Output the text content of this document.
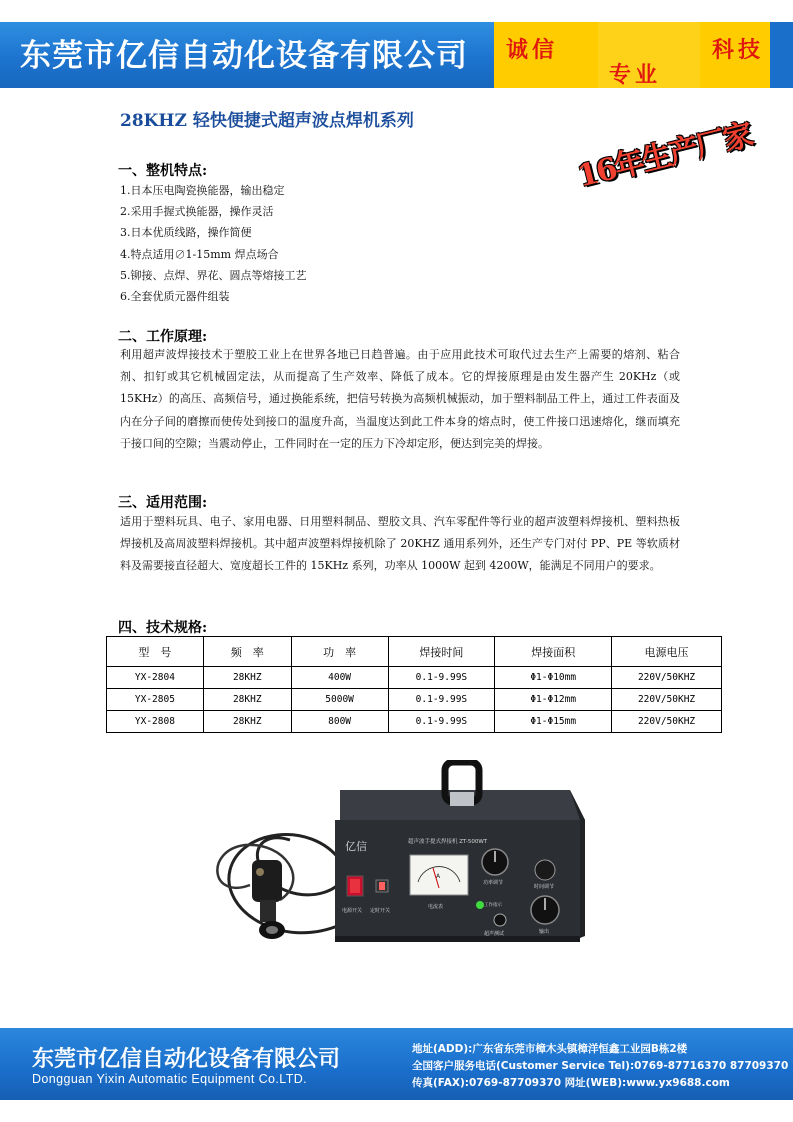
东莞市亿信自动化设备有限公司 诚信
专业
科技
28KHZ 轻快便捷式超声波点焊机系列	16年生产厂家
一、整机特点:
1.日本压电陶瓷换能器，输出稳定
2.采用手握式换能器，操作灵活
3.日本优质线路，操作简便
4.特点适用∅1-15mm 焊点场合
5.铆接、点焊、界花、圆点等熔接工艺
6.全套优质元器件组装
二、工作原理:

利用超声波焊接技术于塑胶工业上在世界各地已日趋普遍。由于应用此技术可取代过去生产上需要的熔剂、粘合剂、扣钉或其它机械固定法，从而提高了生产效率、降低了成本。它的焊接原理是由发生器产生 20KHz（或 15KHz）的高压、高频信号，通过换能系统，把信号转换为高频机械振动，加于塑料制品工件上，通过工件表面及内在分子间的磨擦而使传处到接口的温度升高，当温度达到此工件本身的熔点时，使工件接口迅速熔化，继而填充于接口间的空隙；当震动停止，工件同时在一定的压力下冷却定形，便达到完美的焊接。

三、适用范围:

适用于塑料玩具、电子、家用电器、日用塑料制品、塑胶文具、汽车零配件等行业的超声波塑料焊接机、塑料热板焊接机及高周波塑料焊接机。其中超声波塑料焊接机除了 20KHZ 通用系列外，还生产专门对付 PP、PE 等软质材料及需要接直径超大、宽度超长工件的 15KHz 系列，功率从 1000W 起到 4200W，能满足不同用户的要求。

四、技术规格:
型　号	频　率	功　率	焊接时间	焊接面积	电源电压
YX-2804	28KHZ	400W	0.1-9.99S	Φ1-Φ10mm	220V/50KHZ
YX-2805	28KHZ	5000W	0.1-9.99S	Φ1-Φ12mm	220V/50KHZ
YX-2808	28KHZ	800W	0.1-9.99S	Φ1-Φ15mm	220V/50KHZ
亿信	超声波手提式焊接机 ZT-500WT
A
电源开关 定时开关
电流表
功率调节
工作指示
时间调节
超声测试	输出
东莞市亿信自动化设备有限公司
Dongguan Yixin Automatic Equipment Co.LTD.
地址(ADD):广东省东莞市樟木头镇樟洋恒鑫工业园B栋2楼
全国客户服务电话(Customer Service Tel):0769-87716370 87709370
传真(FAX):0769-87709370 网址(WEB):www.yx9688.com
